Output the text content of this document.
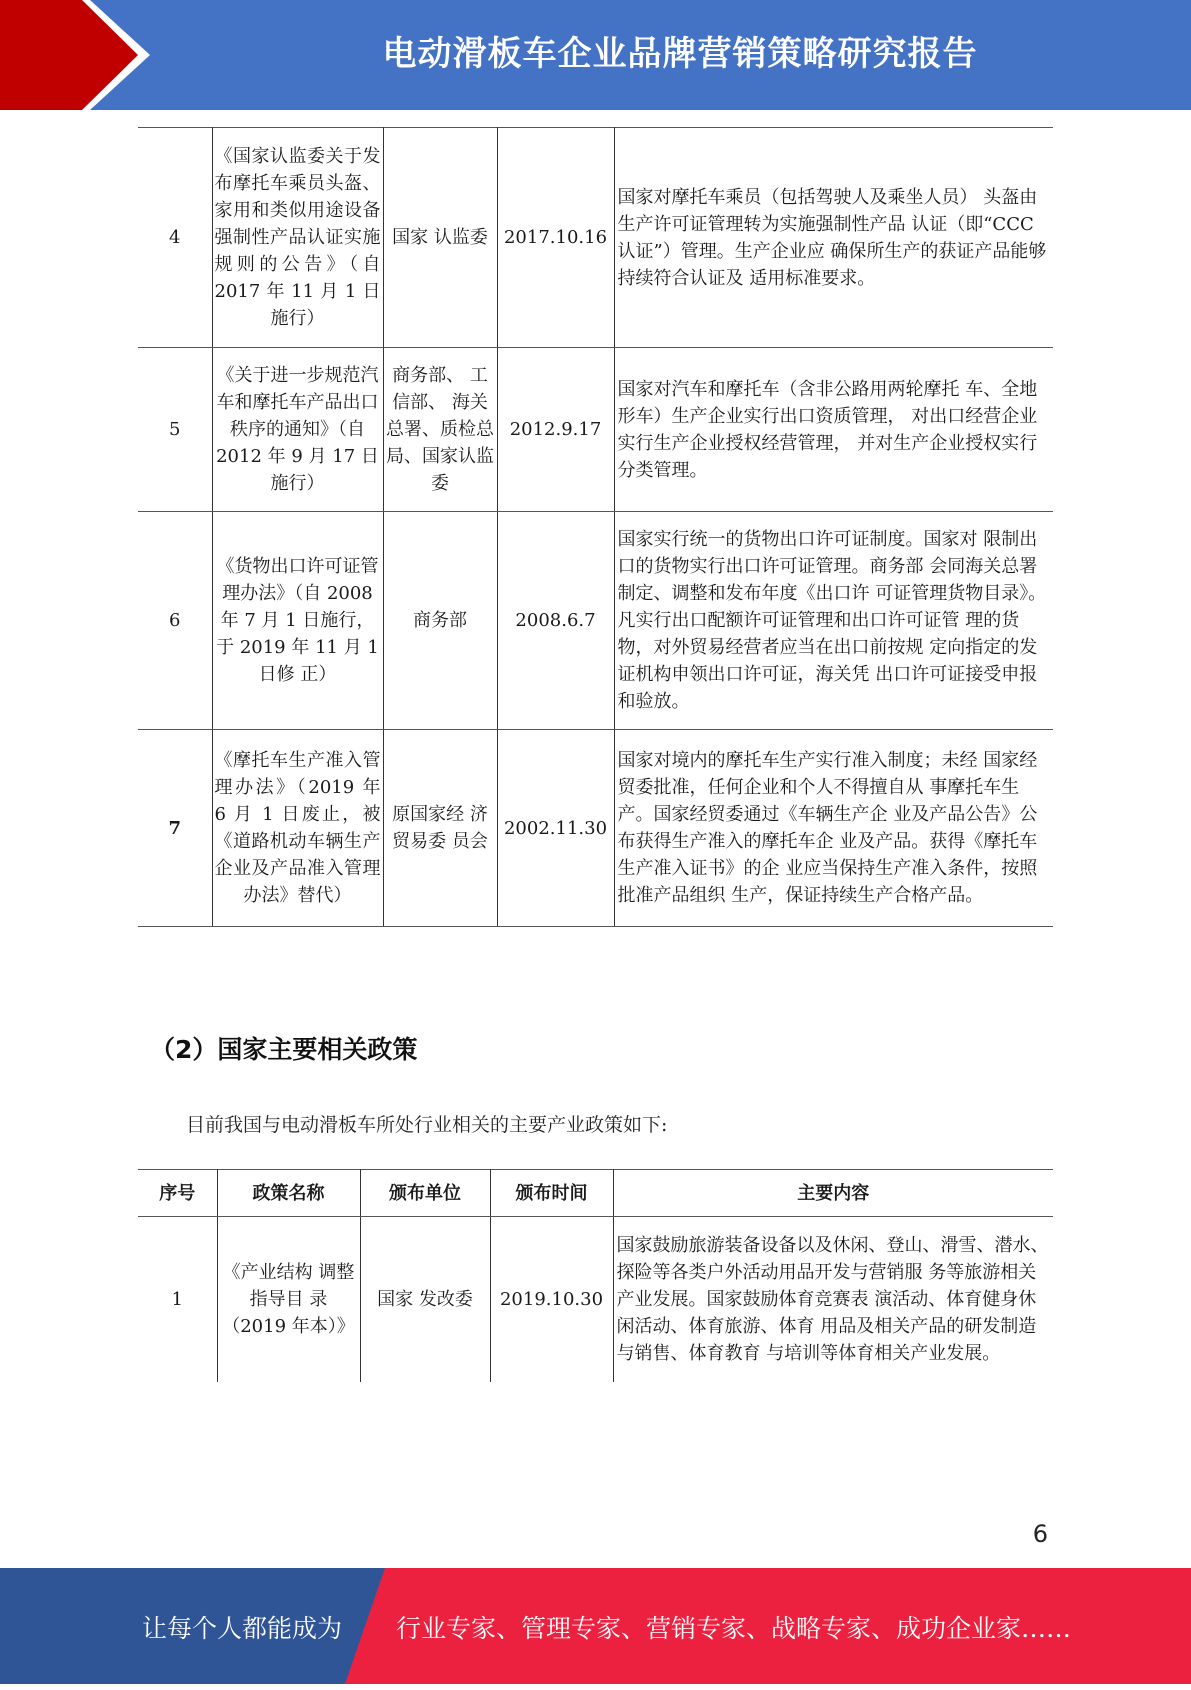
电动滑板车企业品牌营销策略研究报告
4	《国家认监委关于发布摩托车乘员头盔、家用和类似用途设备强制性产品认证实施规则的公告》（自 2017 年 11 月 1 日施行）	国家 认监委	2017.10.16	国家对摩托车乘员（包括驾驶人及乘坐人员） 头盔由生产许可证管理转为实施强制性产品 认证（即“CCC 认证”）管理。生产企业应 确保所生产的获证产品能够持续符合认证及 适用标准要求。
5	《关于进一步规范汽车和摩托车产品出口秩序的通知》（自 2012 年 9 月 17 日施行）	商务部、 工信部、 海关总署、质检总局、国家认监委	2012.9.17	国家对汽车和摩托车（含非公路用两轮摩托 车、全地形车）生产企业实行出口资质管理， 对出口经营企业实行生产企业授权经营管理， 并对生产企业授权实行分类管理。
6	《货物出口许可证管理办法》（自 2008 年 7 月 1 日施行，于 2019 年 11 月 1 日修 正）	商务部	2008.6.7	国家实行统一的货物出口许可证制度。国家对 限制出口的货物实行出口许可证管理。商务部 会同海关总署制定、调整和发布年度《出口许 可证管理货物目录》。
凡实行出口配额许可证管理和出口许可证管 理的货物，对外贸易经营者应当在出口前按规 定向指定的发证机构申领出口许可证，海关凭 出口许可证接受申报和验放。

7	《摩托车生产准入管理办法》（2019 年 6 月 1 日废止，被《道路机动车辆生产企业及产品准入管理办法》替代）	原国家经 济贸易委 员会	2002.11.30	国家对境内的摩托车生产实行准入制度；未经 国家经贸委批准，任何企业和个人不得擅自从 事摩托车生产。国家经贸委通过《车辆生产企 业及产品公告》公布获得生产准入的摩托车企 业及产品。获得《摩托车生产准入证书》的企 业应当保持生产准入条件，按照批准产品组织 生产，保证持续生产合格产品。
（2）国家主要相关政策
目前我国与电动滑板车所处行业相关的主要产业政策如下:
序号	政策名称	颁布单位	颁布时间	主要内容
1	《产业结构 调整指导目 录（2019 年本）》	国家 发改委	2019.10.30	国家鼓励旅游装备设备以及休闲、登山、滑雪、潜水、探险等各类户外活动用品开发与营销服 务等旅游相关产业发展。国家鼓励体育竞赛表 演活动、体育健身休闲活动、体育旅游、体育 用品及相关产品的研发制造与销售、体育教育 与培训等体育相关产业发展。
6
让每个人都能成为 行业专家、管理专家、营销专家、战略专家、成功企业家……
